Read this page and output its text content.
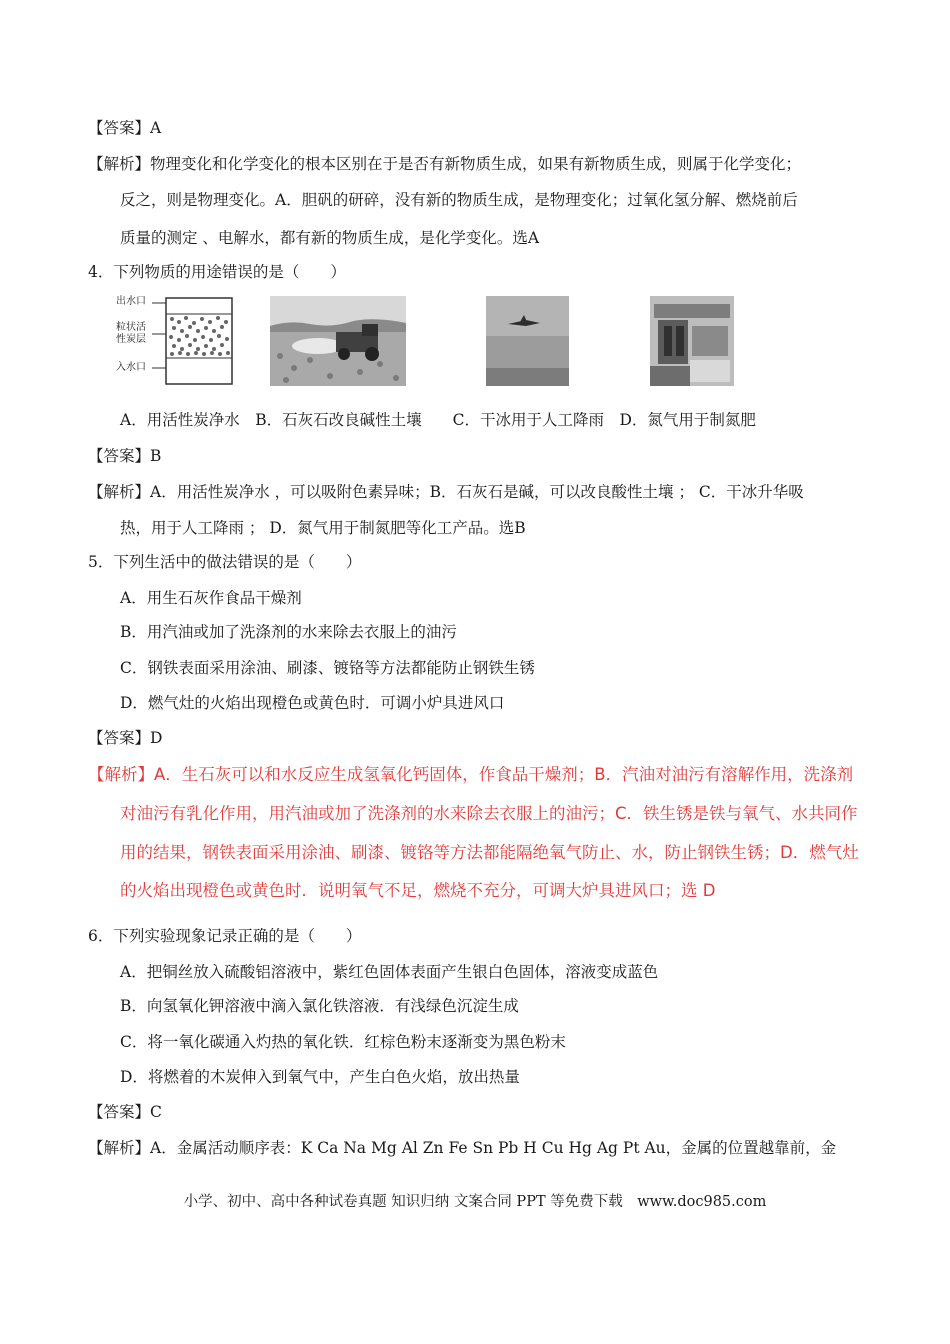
【答案】A
【解析】物理变化和化学变化的根本区别在于是否有新物质生成，如果有新物质生成，则属于化学变化；
反之，则是物理变化。A．胆矾的研碎，没有新的物质生成，是物理变化；过氧化氢分解、燃烧前后
质量的测定 、电解水，都有新的物质生成，是化学变化。选A
4．下列物质的用途错误的是（　　）
出水口
粒状活
性炭层
入水口
A．用活性炭净水　B．石灰石改良碱性土壤　　C．干冰用于人工降雨　D．氮气用于制氮肥
【答案】B
【解析】A．用活性炭净水 ，可以吸附色素异味；B．石灰石是碱，可以改良酸性土壤 ； C．干冰升华吸
热，用于人工降雨 ； D．氮气用于制氮肥等化工产品。选B
5．下列生活中的做法错误的是（　　）
A．用生石灰作食品干燥剂
B．用汽油或加了洗涤剂的水来除去衣服上的油污
C．钢铁表面采用涂油、刷漆、镀铬等方法都能防止钢铁生锈
D．燃气灶的火焰出现橙色或黄色时．可调小炉具进风口
【答案】D
【解析】A．生石灰可以和水反应生成氢氧化钙固体，作食品干燥剂；B．汽油对油污有溶解作用，洗涤剂
对油污有乳化作用，用汽油或加了洗涤剂的水来除去衣服上的油污；C．铁生锈是铁与氧气、水共同作
用的结果，钢铁表面采用涂油、刷漆、镀铬等方法都能隔绝氧气防止、水，防止钢铁生锈；D．燃气灶
的火焰出现橙色或黄色时．说明氧气不足，燃烧不充分，可调大炉具进风口；选 D
6．下列实验现象记录正确的是（　　）
A．把铜丝放入硫酸铝溶液中，紫红色固体表面产生银白色固体，溶液变成蓝色
B．向氢氧化钾溶液中滴入氯化铁溶液．有浅绿色沉淀生成
C．将一氧化碳通入灼热的氧化铁．红棕色粉末逐渐变为黑色粉末
D．将燃着的木炭伸入到氧气中，产生白色火焰，放出热量
【答案】C
【解析】A．金属活动顺序表：K Ca Na Mg Al Zn Fe Sn Pb H Cu Hg Ag Pt Au，金属的位置越靠前，金
小学、初中、高中各种试卷真题 知识归纳 文案合同 PPT 等免费下载　www.doc985.com
